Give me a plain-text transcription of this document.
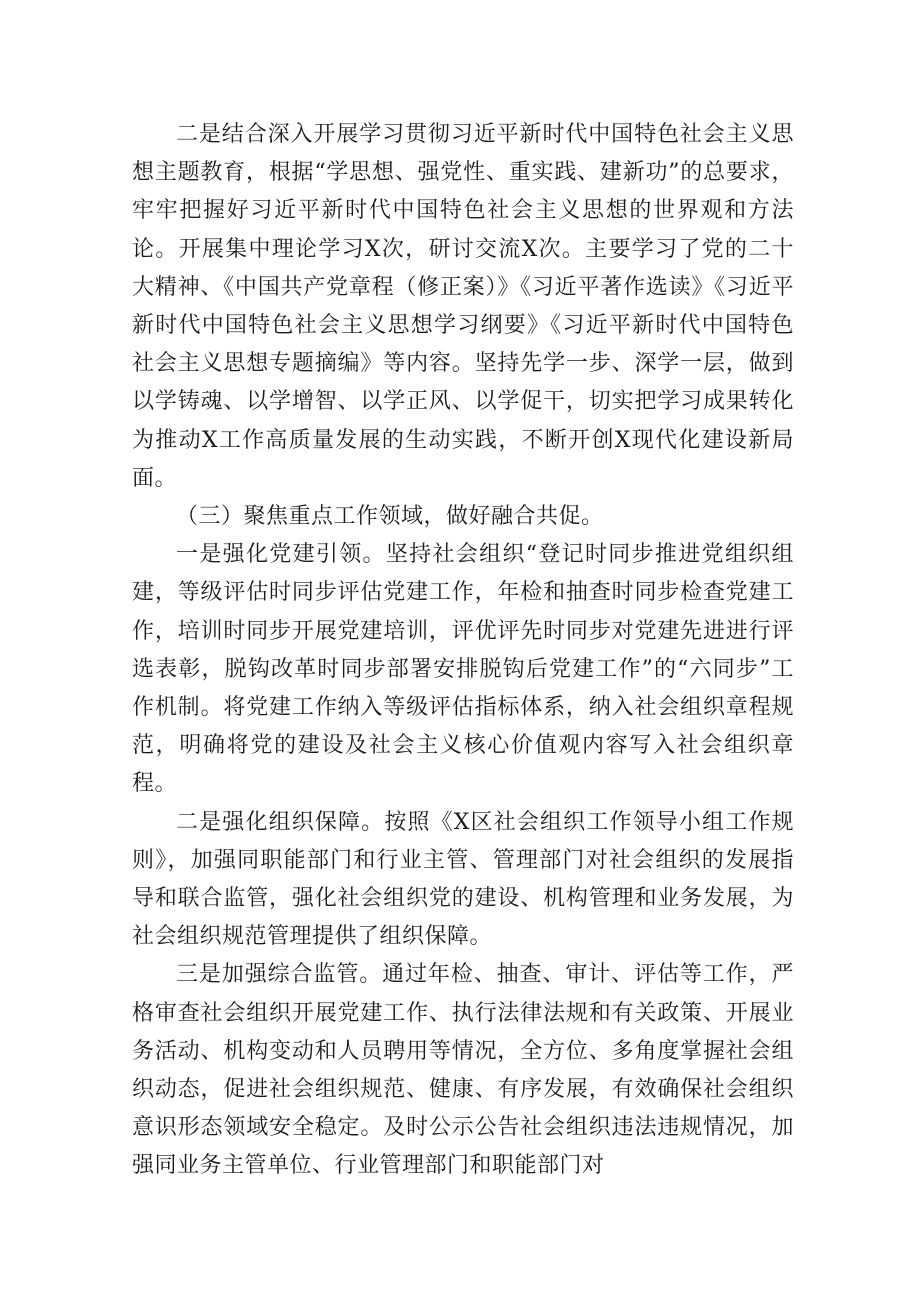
二是结合深入开展学习贯彻习近平新时代中国特色社会主义思想主题教育，根据“学思想、强党性、重实践、建新功”的总要求，牢牢把握好习近平新时代中国特色社会主义思想的世界观和方法论。开展集中理论学习X次，研讨交流X次。主要学习了党的二十大精神、《中国共产党章程（修正案）》《习近平著作选读》《习近平新时代中国特色社会主义思想学习纲要》《习近平新时代中国特色社会主义思想专题摘编》等内容。坚持先学一步、深学一层，做到以学铸魂、以学增智、以学正风、以学促干，切实把学习成果转化为推动X工作高质量发展的生动实践，不断开创X现代化建设新局面。

（三）聚焦重点工作领域，做好融合共促。

一是强化党建引领。坚持社会组织“登记时同步推进党组织组建，等级评估时同步评估党建工作，年检和抽查时同步检查党建工作，培训时同步开展党建培训，评优评先时同步对党建先进进行评选表彰，脱钩改革时同步部署安排脱钩后党建工作”的“六同步”工作机制。将党建工作纳入等级评估指标体系，纳入社会组织章程规范，明确将党的建设及社会主义核心价值观内容写入社会组织章程。

二是强化组织保障。按照《X区社会组织工作领导小组工作规则》，加强同职能部门和行业主管、管理部门对社会组织的发展指导和联合监管，强化社会组织党的建设、机构管理和业务发展，为社会组织规范管理提供了组织保障。

三是加强综合监管。通过年检、抽查、审计、评估等工作，严格审查社会组织开展党建工作、执行法律法规和有关政策、开展业务活动、机构变动和人员聘用等情况，全方位、多角度掌握社会组织动态，促进社会组织规范、健康、有序发展，有效确保社会组织意识形态领域安全稳定。及时公示公告社会组织违法违规情况，加强同业务主管单位、行业管理部门和职能部门对
